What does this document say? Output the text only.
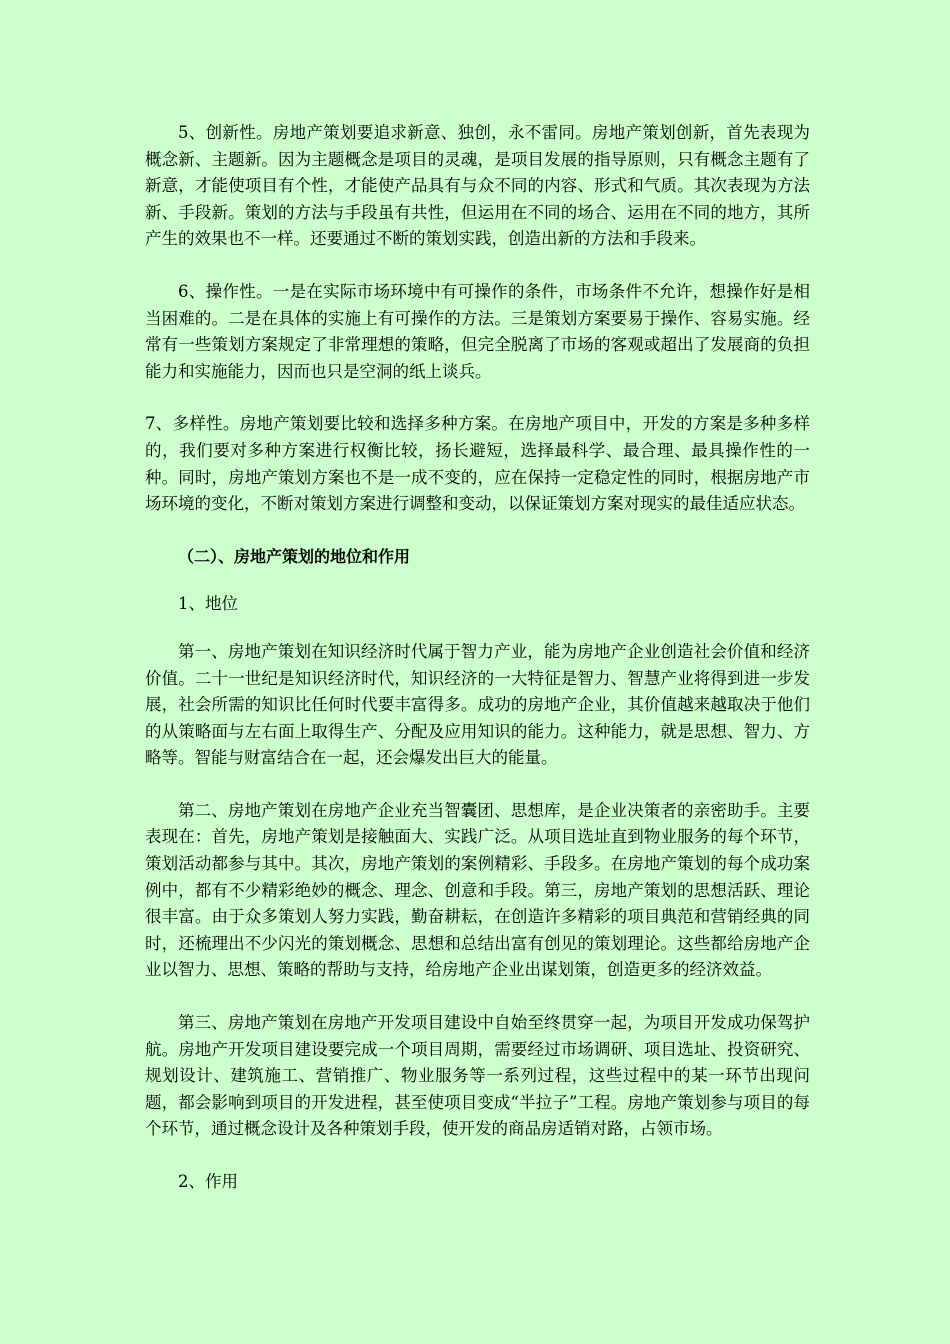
5、创新性。房地产策划要追求新意、独创，永不雷同。房地产策划创新，首先表现为概念新、主题新。因为主题概念是项目的灵魂，是项目发展的指导原则，只有概念主题有了新意，才能使项目有个性，才能使产品具有与众不同的内容、形式和气质。其次表现为方法新、手段新。策划的方法与手段虽有共性，但运用在不同的场合、运用在不同的地方，其所产生的效果也不一样。还要通过不断的策划实践，创造出新的方法和手段来。

6、操作性。一是在实际市场环境中有可操作的条件，市场条件不允许，想操作好是相当困难的。二是在具体的实施上有可操作的方法。三是策划方案要易于操作、容易实施。经常有一些策划方案规定了非常理想的策略，但完全脱离了市场的客观或超出了发展商的负担能力和实施能力，因而也只是空洞的纸上谈兵。

7、多样性。房地产策划要比较和选择多种方案。在房地产项目中，开发的方案是多种多样的，我们要对多种方案进行权衡比较，扬长避短，选择最科学、最合理、最具操作性的一种。同时，房地产策划方案也不是一成不变的，应在保持一定稳定性的同时，根据房地产市场环境的变化，不断对策划方案进行调整和变动，以保证策划方案对现实的最佳适应状态。

（二）、房地产策划的地位和作用

1、地位

第一、房地产策划在知识经济时代属于智力产业，能为房地产企业创造社会价值和经济价值。二十一世纪是知识经济时代，知识经济的一大特征是智力、智慧产业将得到进一步发展，社会所需的知识比任何时代要丰富得多。成功的房地产企业，其价值越来越取决于他们的从策略面与左右面上取得生产、分配及应用知识的能力。这种能力，就是思想、智力、方略等。智能与财富结合在一起，还会爆发出巨大的能量。

第二、房地产策划在房地产企业充当智囊团、思想库，是企业决策者的亲密助手。主要表现在：首先，房地产策划是接触面大、实践广泛。从项目选址直到物业服务的每个环节，策划活动都参与其中。其次，房地产策划的案例精彩、手段多。在房地产策划的每个成功案例中，都有不少精彩绝妙的概念、理念、创意和手段。第三，房地产策划的思想活跃、理论很丰富。由于众多策划人努力实践，勤奋耕耘，在创造许多精彩的项目典范和营销经典的同时，还梳理出不少闪光的策划概念、思想和总结出富有创见的策划理论。这些都给房地产企业以智力、思想、策略的帮助与支持，给房地产企业出谋划策，创造更多的经济效益。

第三、房地产策划在房地产开发项目建设中自始至终贯穿一起，为项目开发成功保驾护航。房地产开发项目建设要完成一个项目周期，需要经过市场调研、项目选址、投资研究、规划设计、建筑施工、营销推广、物业服务等一系列过程，这些过程中的某一环节出现问题，都会影响到项目的开发进程，甚至使项目变成“半拉子”工程。房地产策划参与项目的每个环节，通过概念设计及各种策划手段，使开发的商品房适销对路，占领市场。

2、作用
